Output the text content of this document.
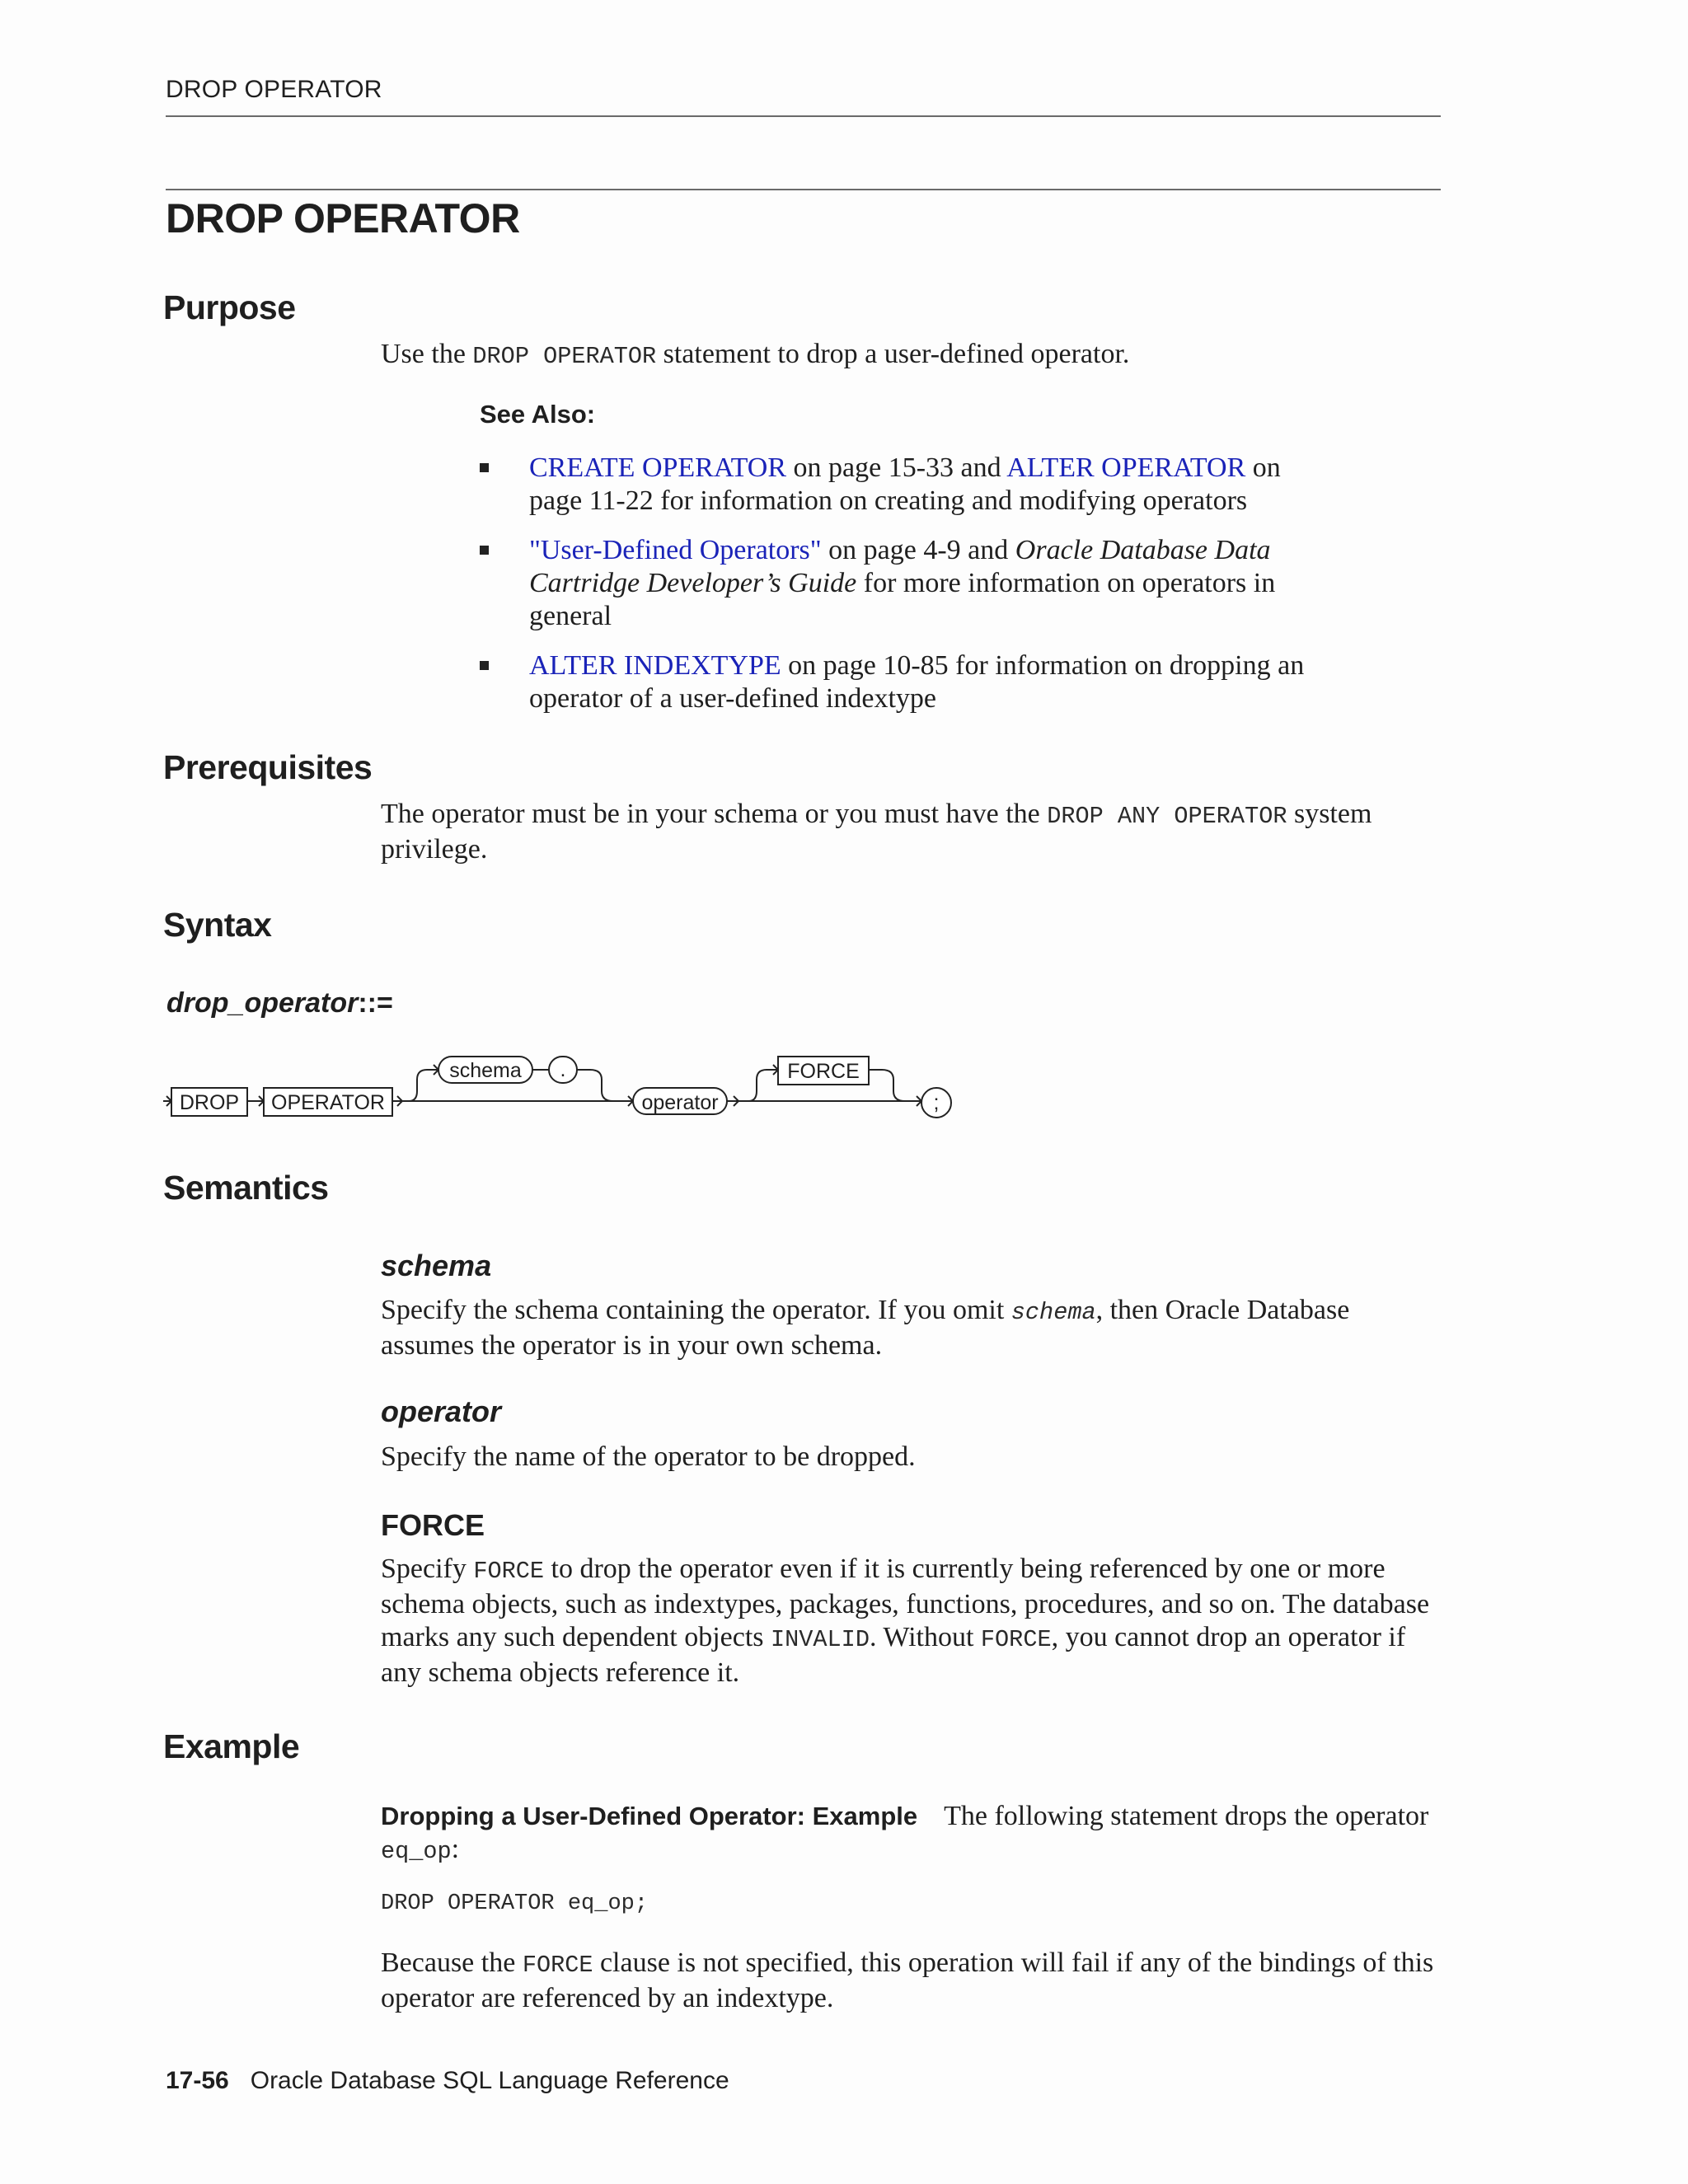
DROP OPERATOR
DROP OPERATOR
Purpose

Use the DROP OPERATOR statement to drop a user-defined operator.

See Also:
CREATE OPERATOR on page 15-33 and ALTER OPERATOR on page 11-22 for information on creating and modifying operators
"User-Defined Operators" on page 4-9 and Oracle Database Data Cartridge Developer’s Guide for more information on operators in general
ALTER INDEXTYPE on page 10-85 for information on dropping an operator of a user-defined indextype
Prerequisites

The operator must be in your schema or you must have the DROP ANY OPERATOR system privilege.

Syntax
drop_operator::=
DROP OPERATOR
schema .
operator
FORCE
;
Semantics
schema

Specify the schema containing the operator. If you omit schema, then Oracle Database assumes the operator is in your own schema.

operator

Specify the name of the operator to be dropped.

FORCE

Specify FORCE to drop the operator even if it is currently being referenced by one or more schema objects, such as indextypes, packages, functions, procedures, and so on. The database marks any such dependent objects INVALID. Without FORCE, you cannot drop an operator if any schema objects reference it.

Example

Dropping a User-Defined Operator: Example The following statement drops the operator eq_op:

DROP OPERATOR eq_op;

Because the FORCE clause is not specified, this operation will fail if any of the bindings of this operator are referenced by an indextype.

17-56 Oracle Database SQL Language Reference
